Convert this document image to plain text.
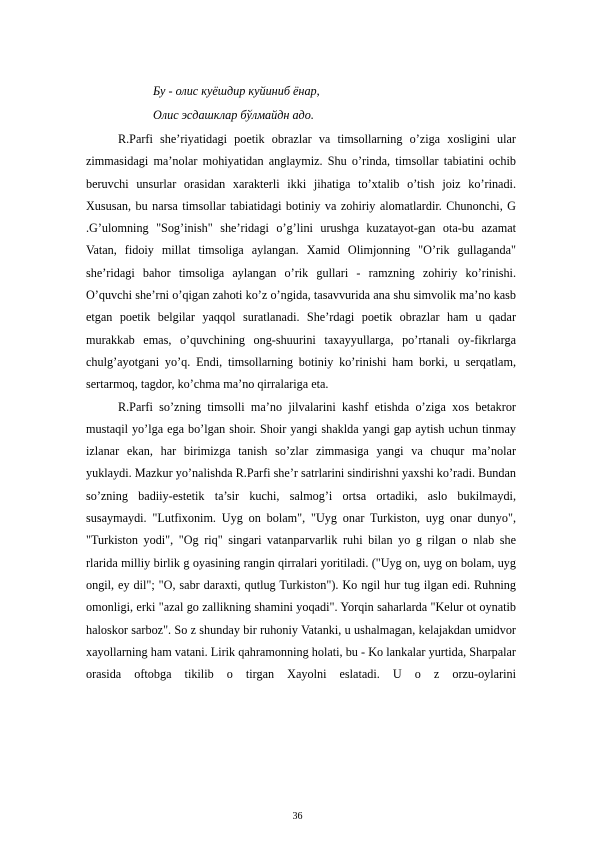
Бу - олис куёшдир куйиниб ёнар,
Олис эсдашклар бўлмайдн адо.

R.Parfi she’riyatidagi poetik obrazlar va timsollarning o’ziga xosligini ular zimmasidagi ma’nolar mohiyatidan anglaymiz. Shu o’rinda, timsollar tabiatini ochib beruvchi unsurlar orasidan xarakterli ikki jihatiga to’xtalib o’tish joiz ko’rinadi. Xususan, bu narsa timsollar tabiatidagi botiniy va zohiriy alomatlardir. Chunonchi, G .G’ulomning "Sog’inish" she’ridagi o’g’lini urushga kuzatayot-gan ota-bu azamat Vatan, fidoiy millat timsoliga aylangan. Xamid Olimjonning "O’rik gullaganda" she’ridagi bahor timsoliga aylangan o’rik gullari - ramzning zohiriy ko’rinishi. O’quvchi she’rni o’qigan zahoti ko’z o’ngida, tasavvurida ana shu simvolik ma’no kasb etgan poetik belgilar yaqqol suratlanadi. She’rdagi poetik obrazlar ham u qadar murakkab emas, o’quvchining ong-shuurini taxayyullarga, po’rtanali oy-fikrlarga chulg’ayotgani yo’q. Endi, timsollarning botiniy ko’rinishi ham borki, u serqatlam, sertarmoq, tagdor, ko’chma ma’no qirralariga eta.

R.Parfi so’zning timsolli ma’no jilvalarini kashf etishda o’ziga xos betakror mustaqil yo’lga ega bo’lgan shoir. Shoir yangi shaklda yangi gap aytish uchun tinmay izlanar ekan, har birimizga tanish so’zlar zimmasiga yangi va chuqur ma’nolar yuklaydi. Mazkur yo’nalishda R.Parfi she’r satrlarini sindirishni yaxshi ko’radi. Bundan so’zning badiiy-estetik ta’sir kuchi, salmog’i ortsa ortadiki, aslo bukilmaydi, susaymaydi. "Lutfixonim. Uyg on bolam", "Uyg onar Turkiston, uyg onar dunyo", "Turkiston yodi", "Og riq" singari vatanparvarlik ruhi bilan yo g rilgan o nlab she rlarida milliy birlik g oyasining rangin qirralari yoritiladi. ("Uyg on, uyg on bolam, uyg ongil, ey dil"; "O, sabr daraxti, qutlug Turkiston"). Ko ngil hur tug ilgan edi. Ruhning omonligi, erki "azal go zallikning shamini yoqadi". Yorqin saharlarda "Kelur ot oynatib haloskor sarboz". So z shunday bir ruhoniy Vatanki, u ushalmagan, kelajakdan umidvor xayollarning ham vatani. Lirik qahramonning holati, bu - Ko lankalar yurtida, Sharpalar orasida oftobga tikilib o tirgan Xayolni eslatadi. U o z orzu-oylarini

36
